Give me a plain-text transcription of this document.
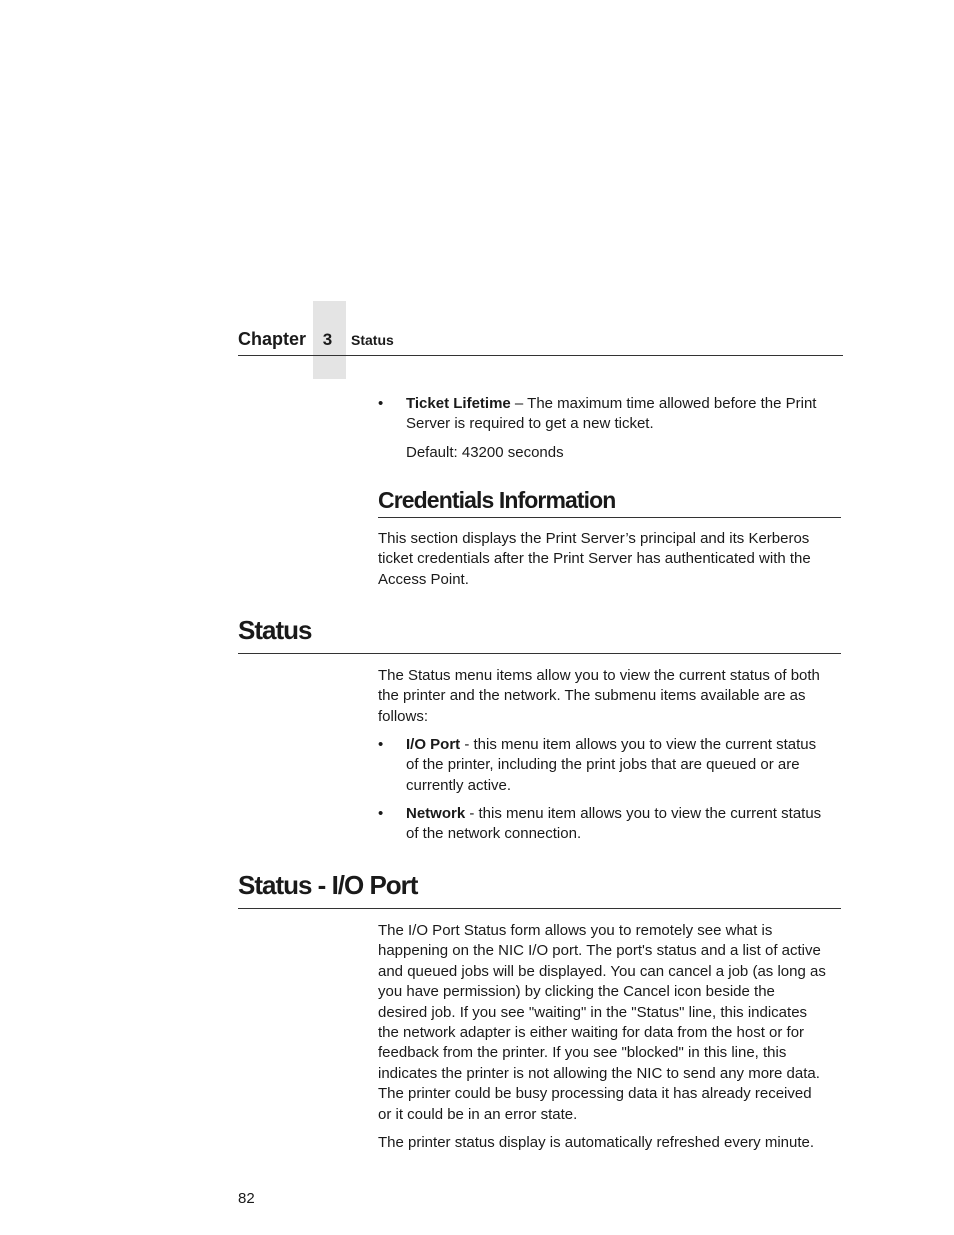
Chapter 3	Status
• Ticket Lifetime – The maximum time allowed before the Print

Server is required to get a new ticket.

Default: 43200 seconds

Credentials Information

This section displays the Print Server’s principal and its Kerberos

ticket credentials after the Print Server has authenticated with the

Access Point.

Status

The Status menu items allow you to view the current status of both

the printer and the network. The submenu items available are as

follows:

• I/O Port - this menu item allows you to view the current status

of the printer, including the print jobs that are queued or are

currently active.

• Network - this menu item allows you to view the current status

of the network connection.

Status - I/O Port

The I/O Port Status form allows you to remotely see what is

happening on the NIC I/O port. The port's status and a list of active

and queued jobs will be displayed. You can cancel a job (as long as

you have permission) by clicking the Cancel icon beside the

desired job. If you see "waiting" in the "Status" line, this indicates

the network adapter is either waiting for data from the host or for

feedback from the printer. If you see "blocked" in this line, this

indicates the printer is not allowing the NIC to send any more data.

The printer could be busy processing data it has already received

or it could be in an error state.

The printer status display is automatically refreshed every minute.

82
